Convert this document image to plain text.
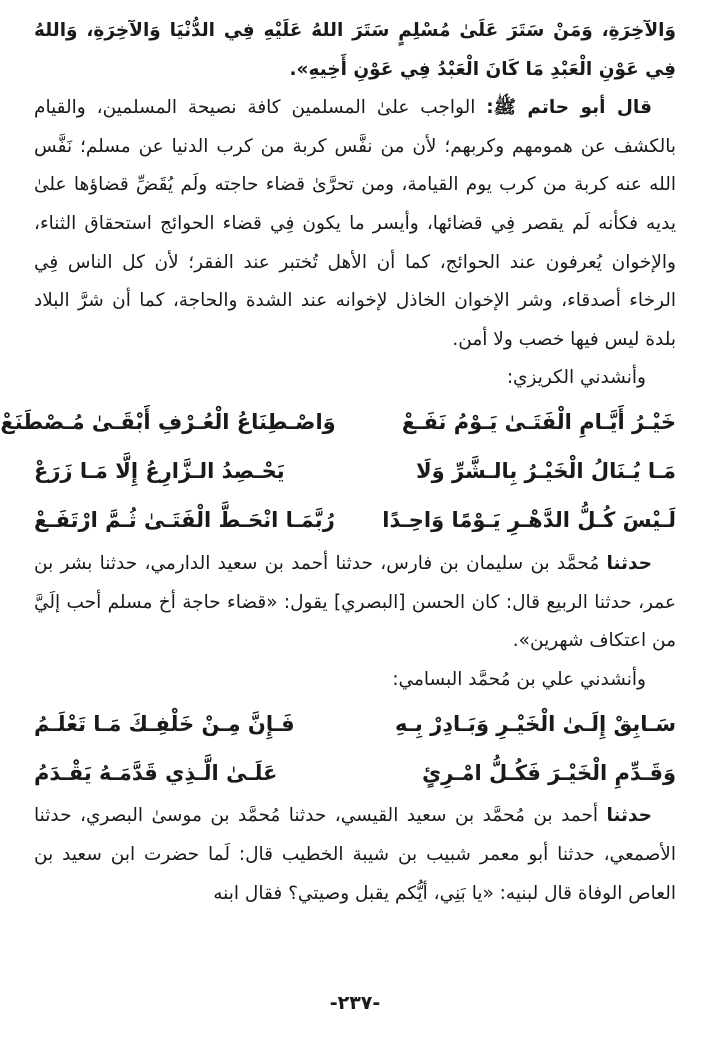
وَالآخِرَةِ، وَمَنْ سَتَرَ عَلَىٰ مُسْلِمٍ سَتَرَ اللهُ عَلَيْهِ فِي الدُّنْيَا وَالآخِرَةِ، وَاللهُ فِي عَوْنِ الْعَبْدِ مَا كَانَ الْعَبْدُ فِي عَوْنِ أَخِيهِ».

قال أبو حاتم ﷺ: الواجب علىٰ المسلمين كافة نصيحة المسلمين، والقيام بالكشف عن همومهم وكربهم؛ لأن من نفَّس كربة من كرب الدنيا عن مسلم؛ نَفَّس الله عنه كربة من كرب يوم القيامة، ومن تحرَّىٰ قضاء حاجته ولَم يُقَضِّ قضاؤها علىٰ يديه فكأنه لَم يقصر فِي قضائها، وأيسر ما يكون فِي قضاء الحوائج استحقاق الثناء، والإخوان يُعرفون عند الحوائج، كما أن الأهل تُختبر عند الفقر؛ لأن كل الناس فِي الرخاء أصدقاء، وشر الإخوان الخاذل لإخوانه عند الشدة والحاجة، كما أن شرَّ البلاد بلدة ليس فيها خصب ولا أمن.

وأنشدني الكريزي:

خَيْـرُ أَيَّـامِ الْفَتَـىٰ يَـوْمُ نَفَـعْ
وَاصْـطِنَاعُ الْعُـرْفِ أَبْقَـىٰ مُـصْطَنَعْ
مَـا يُـنَالُ الْخَيْـرُ بِالـشَّرِّ وَلَا
يَحْـصِدُ الـزَّارِعُ إِلَّا مَـا زَرَعْ
لَـيْسَ كُـلُّ الدَّهْـرِ يَـوْمًا وَاحِـدًا
رُبَّمَـا انْحَـطَّ الْفَتَـىٰ ثُـمَّ ارْتَفَـعْ

حدثنا مُحمَّد بن سليمان بن فارس، حدثنا أحمد بن سعيد الدارمي، حدثنا بشر بن عمر، حدثنا الربيع قال: كان الحسن [البصري] يقول: «قضاء حاجة أخ مسلم أحب إلَيَّ من اعتكاف شهرين».

وأنشدني علي بن مُحمَّد البسامي:

سَـابِقْ إِلَـىٰ الْخَيْـرِ وَبَـادِرْ بِـهِ
فَـإِنَّ مِـنْ خَلْفِـكَ مَـا تَعْلَـمُ
وَقَـدِّمِ الْخَيْـرَ فَكُـلُّ امْـرِئٍ
عَلَـىٰ الَّـذِي قَدَّمَـهُ يَقْـدَمُ

حدثنا أحمد بن مُحمَّد بن سعيد القيسي، حدثنا مُحمَّد بن موسىٰ البصري، حدثنا الأصمعي، حدثنا أبو معمر شبيب بن شيبة الخطيب قال: لَما حضرت ابن سعيد بن العاص الوفاة قال لبنيه: «يا بَنِي، أيُّكم يقبل وصيتي؟ فقال ابنه

-٢٣٧-
